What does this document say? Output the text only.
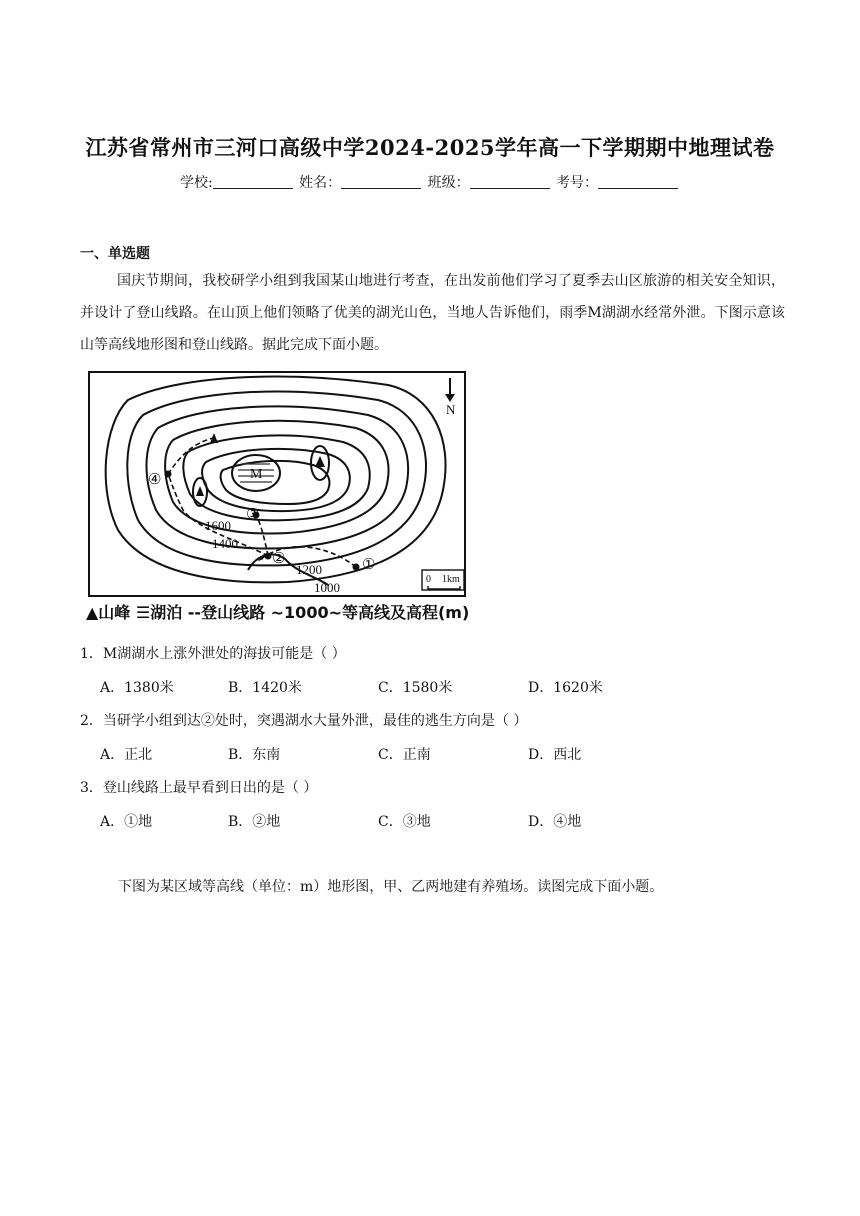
江苏省常州市三河口高级中学2024-2025学年高一下学期期中地理试卷
学校:	姓名：	班级：	考号：
一、单选题
国庆节期间，我校研学小组到我国某山地进行考查，在出发前他们学习了夏季去山区旅游的相关安全知识，并设计了登山线路。在山顶上他们领略了优美的湖光山色，当地人告诉他们，雨季M湖湖水经常外泄。下图示意该山等高线地形图和登山线路。据此完成下面小题。
M
1600
1400
1200
1000
①
②
③
④
N
0 1km
▲山峰 ☰湖泊 --登山线路 ~1000~等高线及高程(m)
1．M湖湖水上涨外泄处的海拔可能是（ ）
A．1380米	B．1420米	C．1580米	D．1620米
2．当研学小组到达②处时，突遇湖水大量外泄，最佳的逃生方向是（ ）
A．正北	B．东南	C．正南	D．西北
3．登山线路上最早看到日出的是（ ）
A．①地	B．②地	C．③地	D．④地
下图为某区域等高线（单位：m）地形图，甲、乙两地建有养殖场。读图完成下面小题。
